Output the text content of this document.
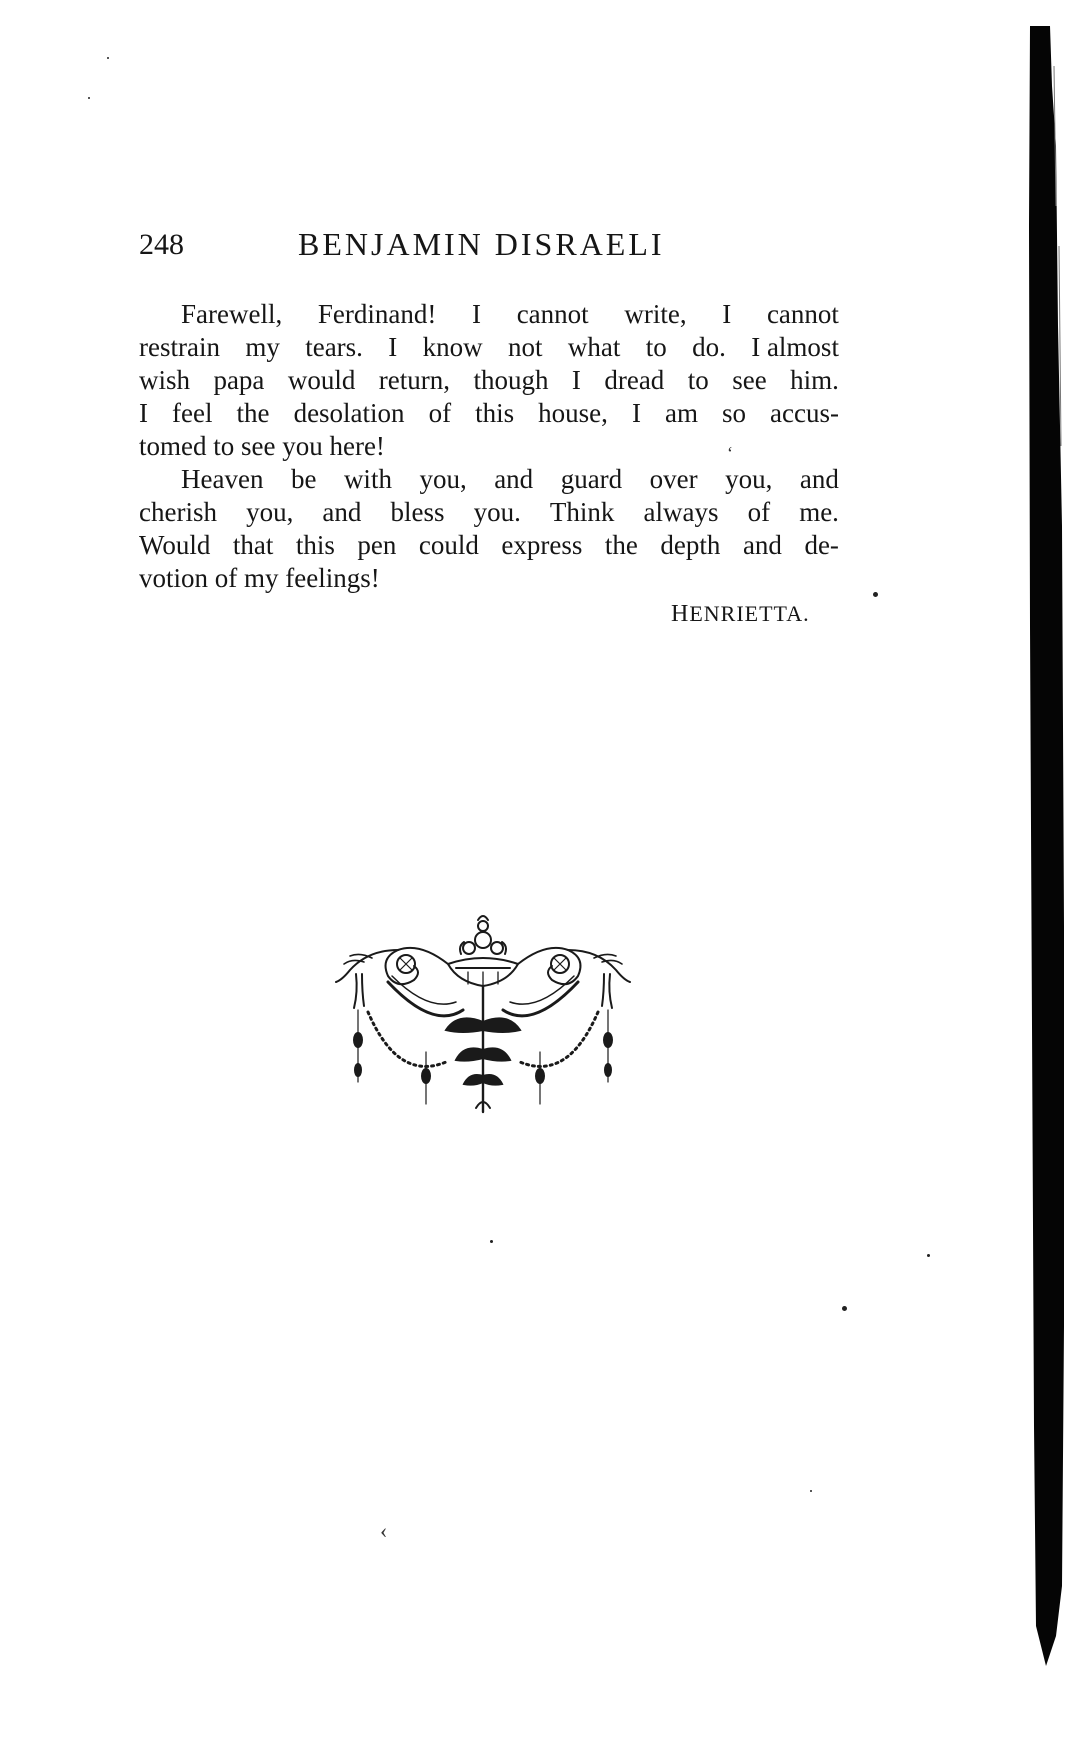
248	BENJAMIN DISRAELI
Farewell, Ferdinand! I cannot write, I cannot
restrain my tears. I know not what to do. I almost
wish papa would return, though I dread to see him.
I feel the desolation of this house, I am so accus-
tomed to see you here!
Heaven be with you, and guard over you, and
cherish you, and bless you. Think always of me.
Would that this pen could express the depth and de-
votion of my feelings!
HENRIETTA.
‘
‹
